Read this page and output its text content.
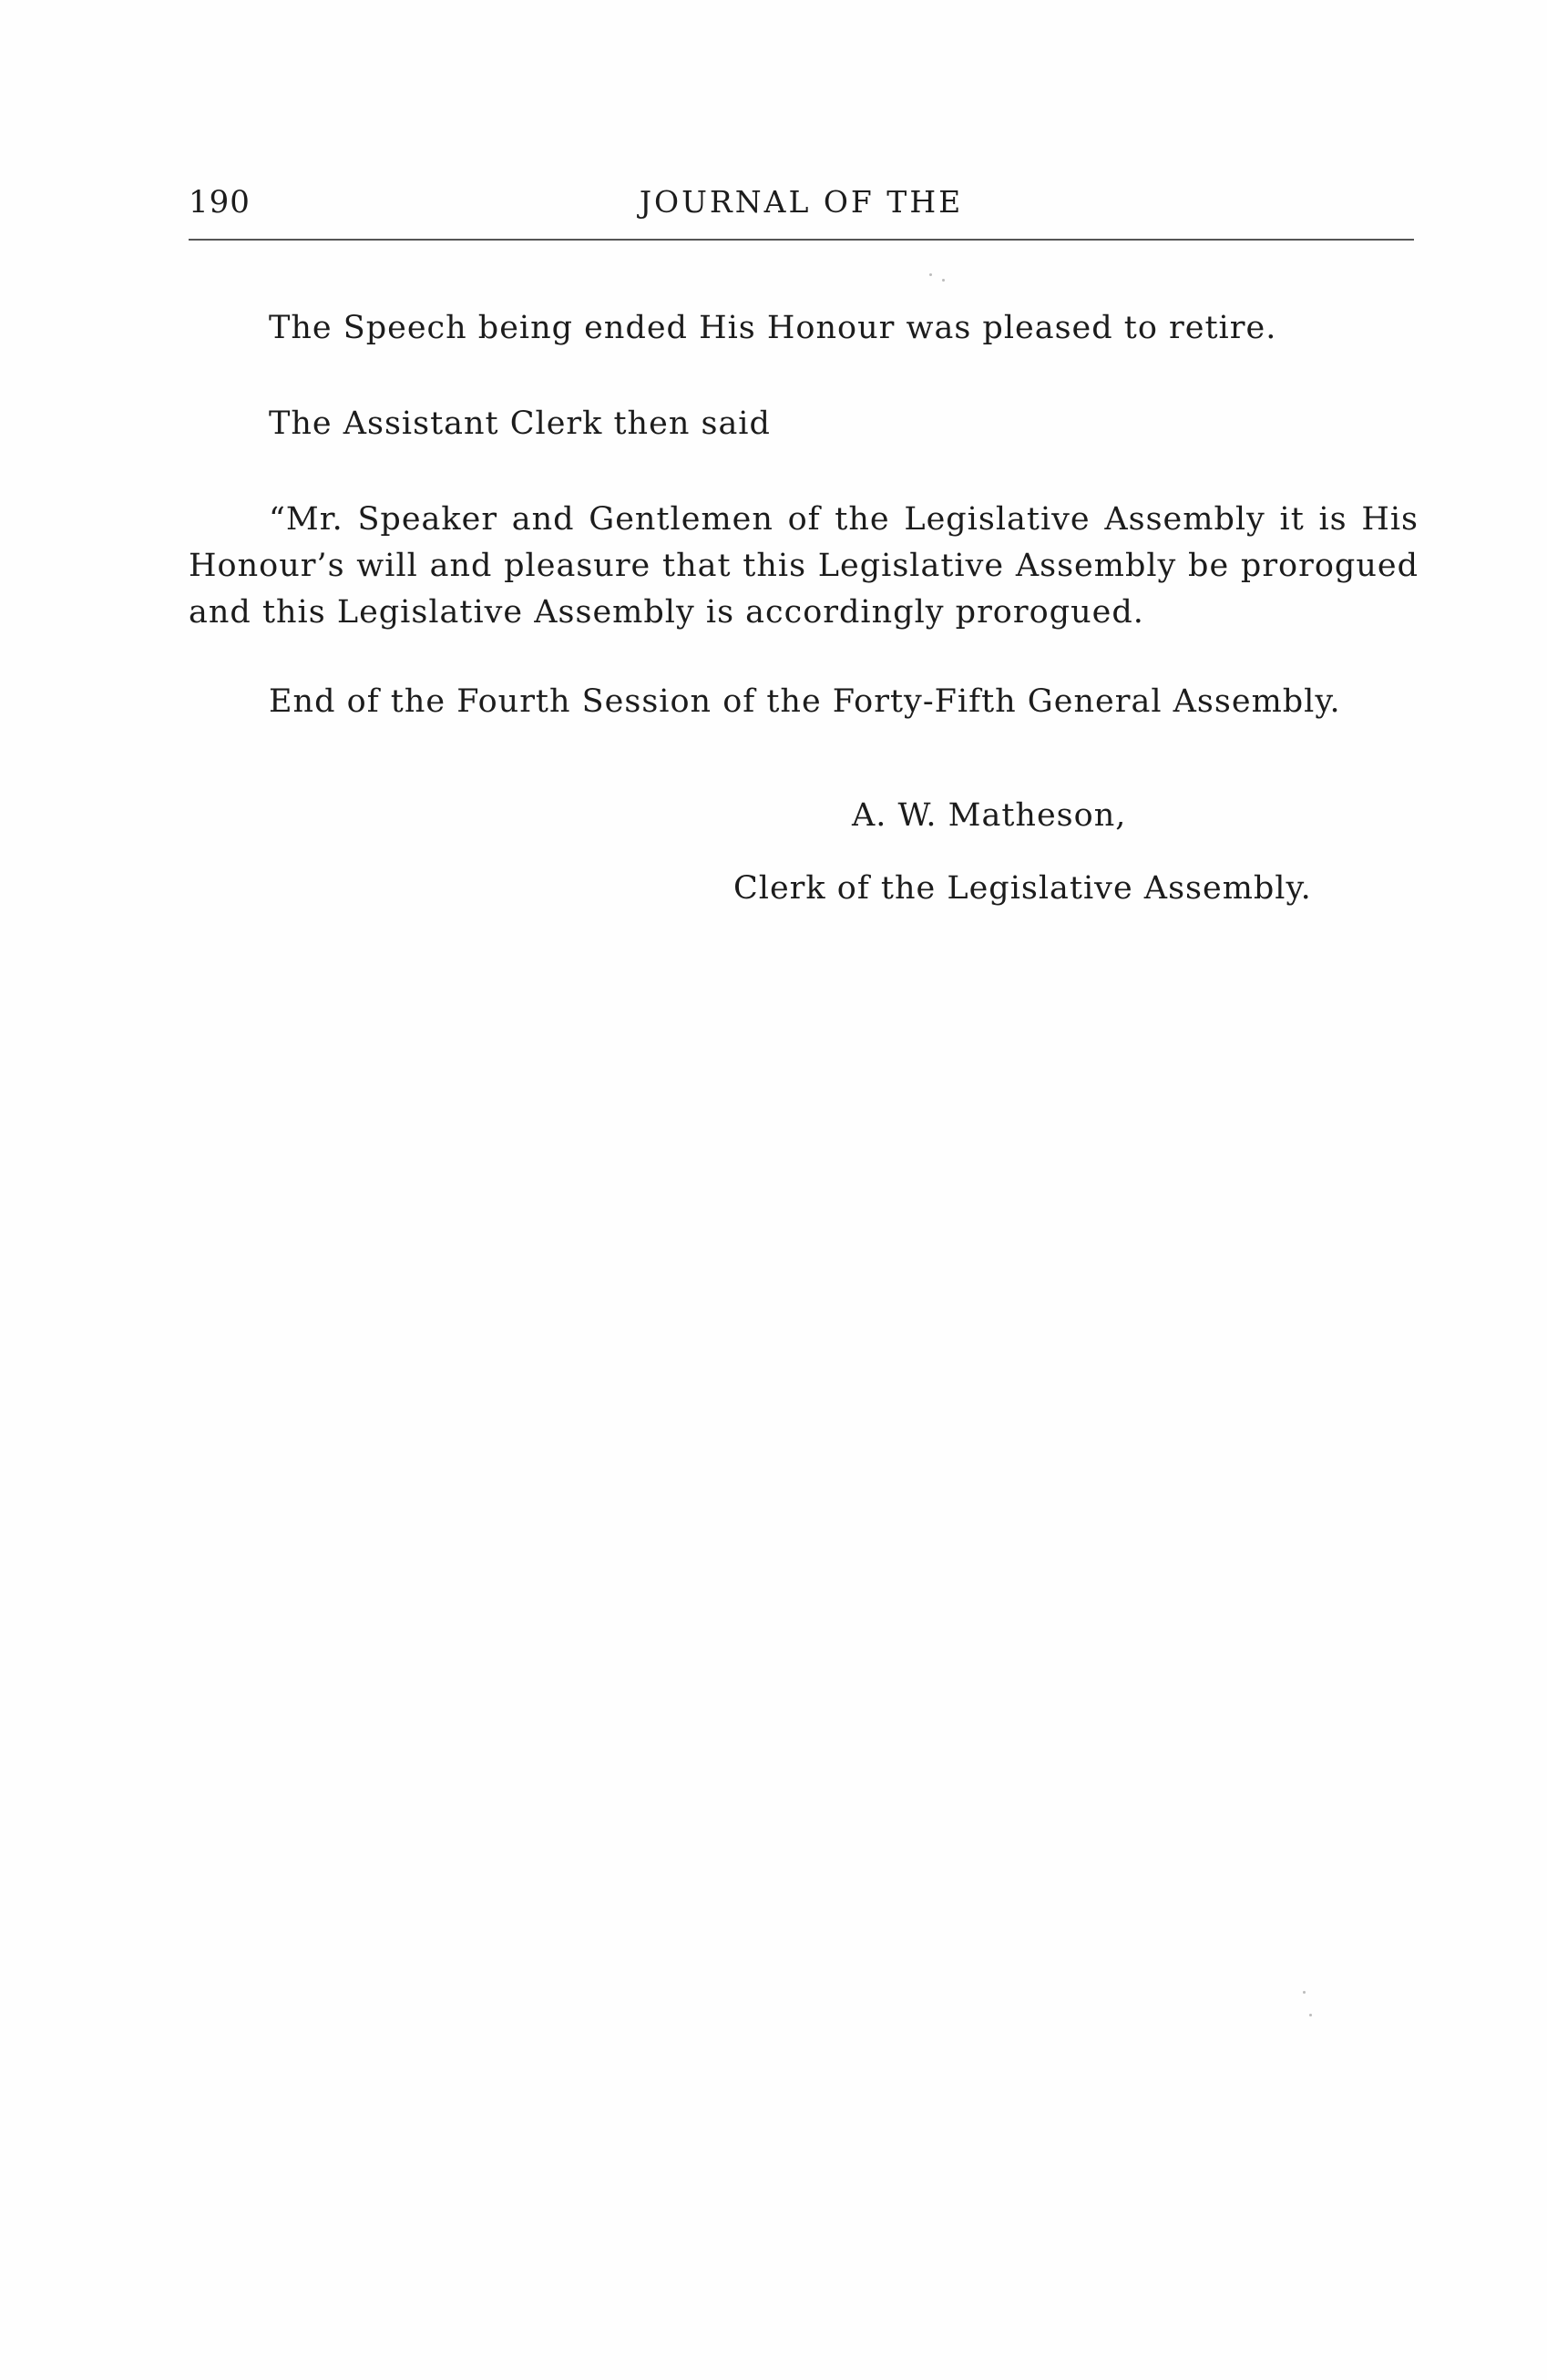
190	JOURNAL OF THE
The Speech being ended His Honour was pleased to retire.
The Assistant Clerk then said
“Mr. Speaker and Gentlemen of the Legislative Assembly it is His Honour’s will and pleasure that this Legislative Assembly be prorogued and this Legislative Assembly is accordingly prorogued.
End of the Fourth Session of the Forty-Fifth General Assembly.
A. W. Matheson,
Clerk of the Legislative Assembly.
